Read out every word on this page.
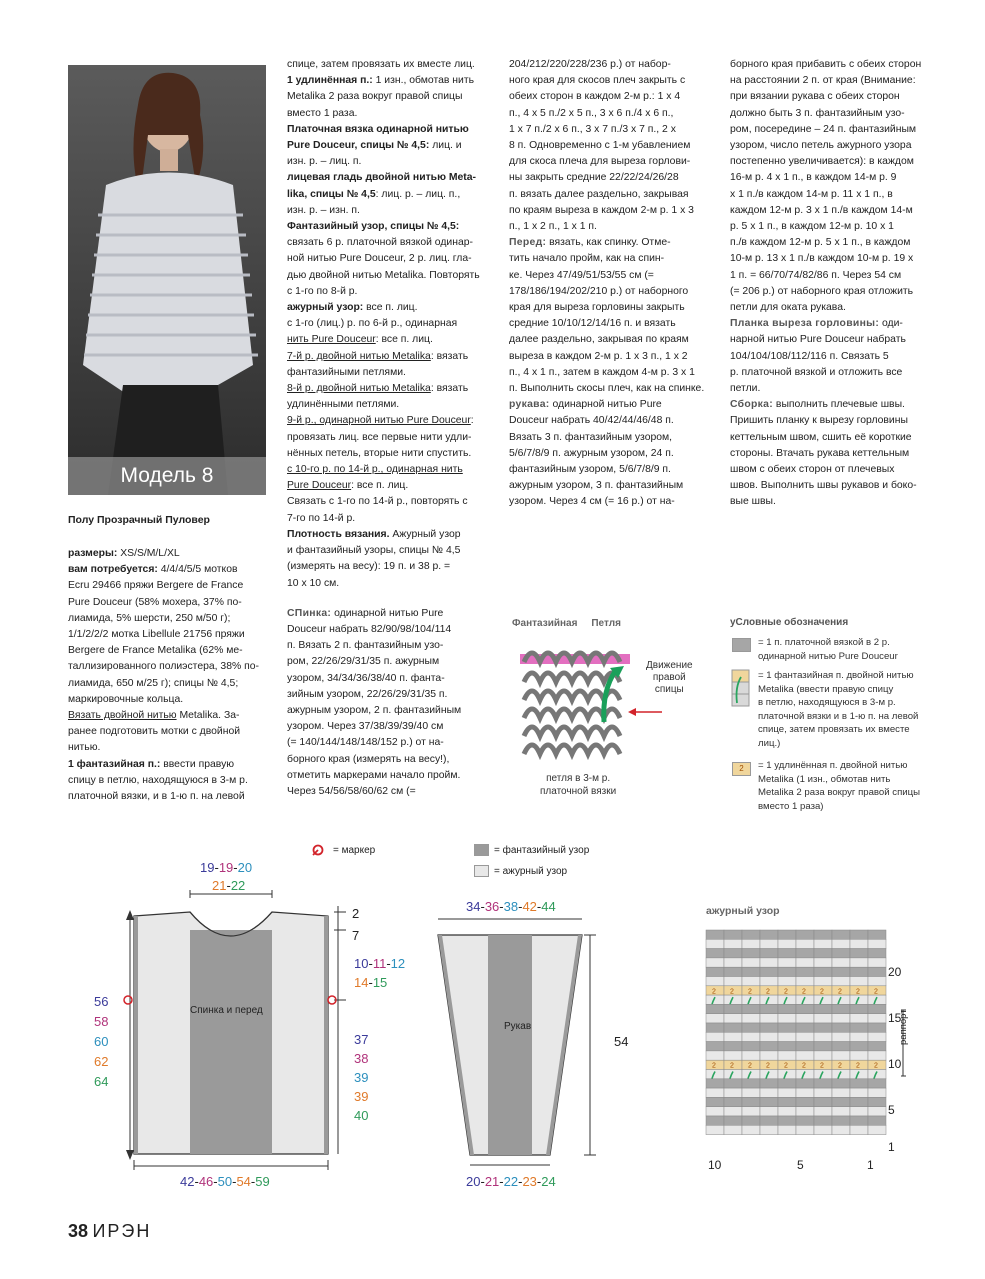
Модель 8
Полу Прозрачный Пуловер

размеры: XS/S/M/L/XL

вам потребуется: 4/4/4/5/5 мотков

Ecru 29466 пряжи Bergere de France

Pure Douceur (58% мохера, 37% по-

лиамида, 5% шерсти, 250 м/50 г);

1/1/2/2/2 мотка Libellule 21756 пряжи

Bergere de France Metalika (62% ме-

таллизированного полиэстера, 38% по-

лиамида, 650 м/25 г); спицы № 4,5;

маркировочные кольца.

Вязать двойной нитью Metalika. За-

ранее подготовить мотки с двойной

нитью.

1 фантазийная п.: ввести правую

спицу в петлю, находящуюся в 3-м р.

платочной вязки, и в 1-ю п. на левой

спице, затем провязать их вместе лиц.

1 удлинённая п.: 1 изн., обмотав нить

Metalika 2 раза вокруг правой спицы

вместо 1 раза.

Платочная вязка одинарной нитью

Pure Douceur, спицы № 4,5: лиц. и

изн. р. – лиц. п.

лицевая гладь двойной нитью Meta-

lika, спицы № 4,5: лиц. р. – лиц. п.,

изн. р. – изн. п.

Фантазийный узор, спицы № 4,5:

связать 6 р. платочной вязкой одинар-

ной нитью Pure Douceur, 2 р. лиц. гла-

дью двойной нитью Metalika. Повторять

с 1-го по 8-й р.

ажурный узор: все п. лиц.

с 1-го (лиц.) р. по 6-й р., одинарная

нить Pure Douceur: все п. лиц.

7-й р. двойной нитью Metalika: вязать

фантазийными петлями.

8-й р. двойной нитью Metalika: вязать

удлинёнными петлями.

9-й р., одинарной нитью Pure Douceur:

провязать лиц. все первые нити удли-

нённых петель, вторые нити спустить.

с 10-го р. по 14-й р., одинарная нить

Pure Douceur: все п. лиц.

Связать с 1-го по 14-й р., повторять с

7-го по 14-й р.

Плотность вязания. Ажурный узор

и фантазийный узоры, спицы № 4,5

(измерять на весу): 19 п. и 38 р. =

10 х 10 см.

СПинка: одинарной нитью Pure

Douceur набрать 82/90/98/104/114

п. Вязать 2 п. фантазийным узо-

ром, 22/26/29/31/35 п. ажурным

узором, 34/34/36/38/40 п. фанта-

зийным узором, 22/26/29/31/35 п.

ажурным узором, 2 п. фантазийным

узором. Через 37/38/39/39/40 см

(= 140/144/148/148/152 р.) от на-

борного края (измерять на весу!),

отметить маркерами начало пройм.

Через 54/56/58/60/62 см (=

204/212/220/228/236 р.) от набор-

ного края для скосов плеч закрыть с

обеих сторон в каждом 2-м р.: 1 х 4

п., 4 х 5 п./2 х 5 п., 3 х 6 п./4 х 6 п.,

1 х 7 п./2 х 6 п., 3 х 7 п./3 х 7 п., 2 х

8 п. Одновременно с 1-м убавлением

для скоса плеча для выреза горлови-

ны закрыть средние 22/22/24/26/28

п. вязать далее раздельно, закрывая

по краям выреза в каждом 2-м р. 1 х 3

п., 1 х 2 п., 1 х 1 п.

Перед: вязать, как спинку. Отме-

тить начало пройм, как на спин-

ке. Через 47/49/51/53/55 см (=

178/186/194/202/210 р.) от наборного

края для выреза горловины закрыть

средние 10/10/12/14/16 п. и вязать

далее раздельно, закрывая по краям

выреза в каждом 2-м р. 1 х 3 п., 1 х 2

п., 4 х 1 п., затем в каждом 4-м р. 3 х 1

п. Выполнить скосы плеч, как на спинке.

рукава: одинарной нитью Pure

Douceur набрать 40/42/44/46/48 п.

Вязать 3 п. фантазийным узором,

5/6/7/8/9 п. ажурным узором, 24 п.

фантазийным узором, 5/6/7/8/9 п.

ажурным узором, 3 п. фантазийным

узором. Через 4 см (= 16 р.) от на-

борного края прибавить с обеих сторон

на расстоянии 2 п. от края (Внимание:

при вязании рукава с обеих сторон

должно быть 3 п. фантазийным узо-

ром, посередине – 24 п. фантазийным

узором, число петель ажурного узора

постепенно увеличивается): в каждом

16-м р. 4 х 1 п., в каждом 14-м р. 9

х 1 п./в каждом 14-м р. 11 х 1 п., в

каждом 12-м р. 3 х 1 п./в каждом 14-м

р. 5 х 1 п., в каждом 12-м р. 10 х 1

п./в каждом 12-м р. 5 х 1 п., в каждом

10-м р. 13 х 1 п./в каждом 10-м р. 19 х

1 п. = 66/70/74/82/86 п. Через 54 см

(= 206 р.) от наборного края отложить

петли для оката рукава.

Планка выреза горловины: оди-

нарной нитью Pure Douceur набрать

104/104/108/112/116 п. Связать 5

р. платочной вязкой и отложить все

петли.

Сборка: выполнить плечевые швы.

Пришить планку к вырезу горловины

кеттельным швом, сшить её короткие

стороны. Втачать рукава кеттельным

швом с обеих сторон от плечевых

швов. Выполнить швы рукавов и боко-

вые швы.

Фантазийная Петля
Движение
правой
спицы
петля в 3-м р.
платочной вязки
уСловные обозначения
= 1 п. платочной вязкой в 2 р.
одинарной нитью Pure Douceur
= 1 фантазийная п. двойной нитью
Metalika (ввести правую спицу
в петлю, находящуюся в 3-м р.
платочной вязки и в 1-ю п. на левой
спице, затем провязать их вместе
лиц.)
2	= 1 удлинённая п. двойной нитью
Metalika (1 изн., обмотав нить
Metalika 2 раза вокруг правой спицы
вместо 1 раза)
= маркер	= фантазийный узор
= ажурный узор
19-19-20
21-22
Спинка и перед
2
7
10-11-12
14-15
56
58
60
62
64
37
38
39
39
40
42-46-50-54-59
34-36-38-42-44
Рукав
54
20-21-22-23-24
ажурный узор
2 2 2 2 2 2 2 2 2 2
2 2 2 2 2 2 2 2 2 2
20
15
10
5
1
раппорт
10	5	1
38 ИРЭН
